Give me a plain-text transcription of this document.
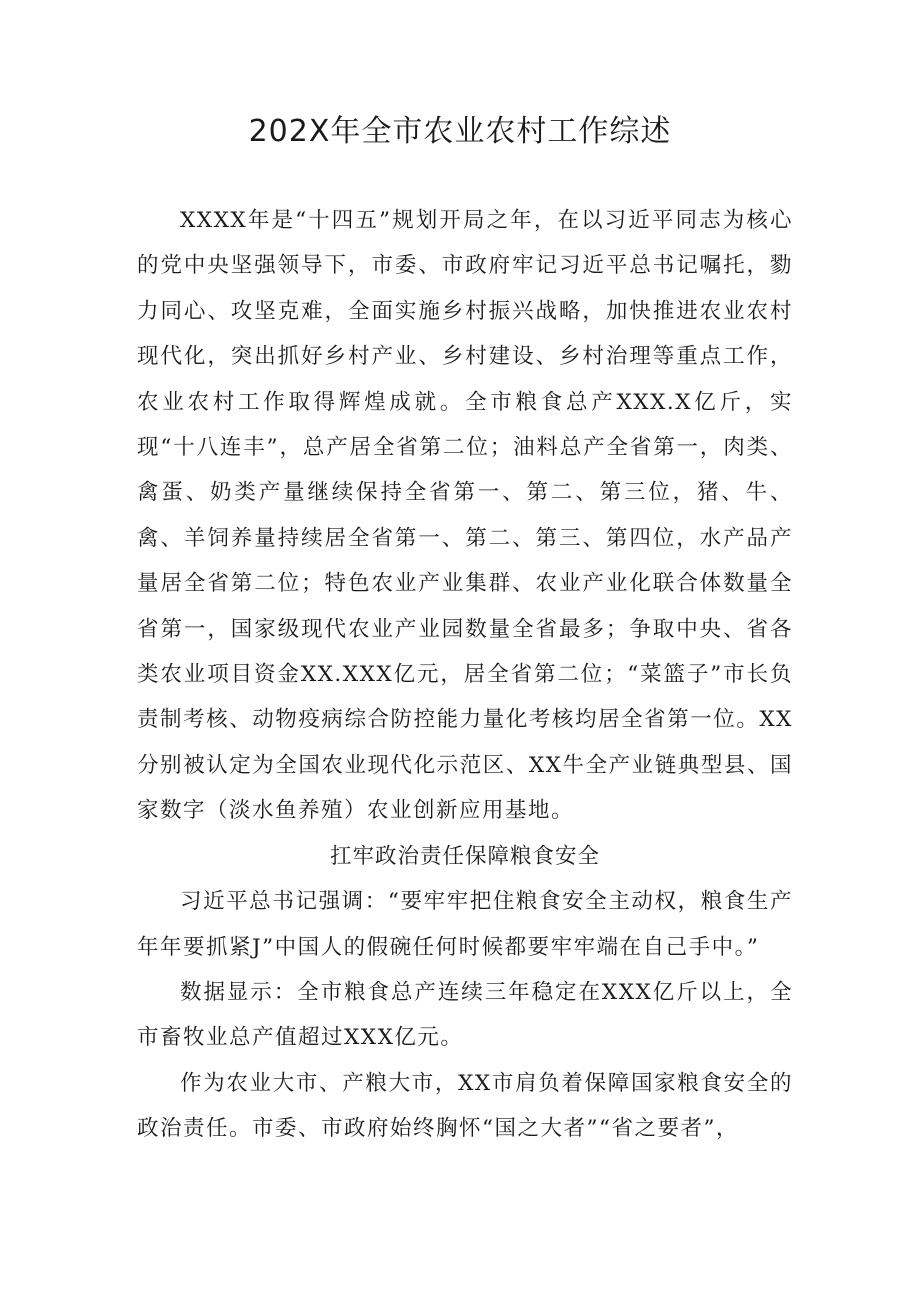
202X年全市农业农村工作综述

XXXX年是“十四五”规划开局之年，在以习近平同志为核心的党中央坚强领导下，市委、市政府牢记习近平总书记嘱托，勠力同心、攻坚克难，全面实施乡村振兴战略，加快推进农业农村现代化，突出抓好乡村产业、乡村建设、乡村治理等重点工作，农业农村工作取得辉煌成就。全市粮食总产XXX.X亿斤，实现“十八连丰”，总产居全省第二位；油料总产全省第一，肉类、禽蛋、奶类产量继续保持全省第一、第二、第三位，猪、牛、禽、羊饲养量持续居全省第一、第二、第三、第四位，水产品产量居全省第二位；特色农业产业集群、农业产业化联合体数量全省第一，国家级现代农业产业园数量全省最多；争取中央、省各类农业项目资金XX.XXX亿元，居全省第二位；“菜篮子”市长负责制考核、动物疫病综合防控能力量化考核均居全省第一位。XX分别被认定为全国农业现代化示范区、XX牛全产业链典型县、国家数字（淡水鱼养殖）农业创新应用基地。

扛牢政治责任保障粮食安全

习近平总书记强调：“要牢牢把住粮食安全主动权，粮食生产年年要抓紧J”中国人的假碗任何时候都要牢牢端在自己手中。”

数据显示：全市粮食总产连续三年稳定在XXX亿斤以上，全市畜牧业总产值超过XXX亿元。

作为农业大市、产粮大市，XX市肩负着保障国家粮食安全的政治责任。市委、市政府始终胸怀“国之大者”“省之要者”，
